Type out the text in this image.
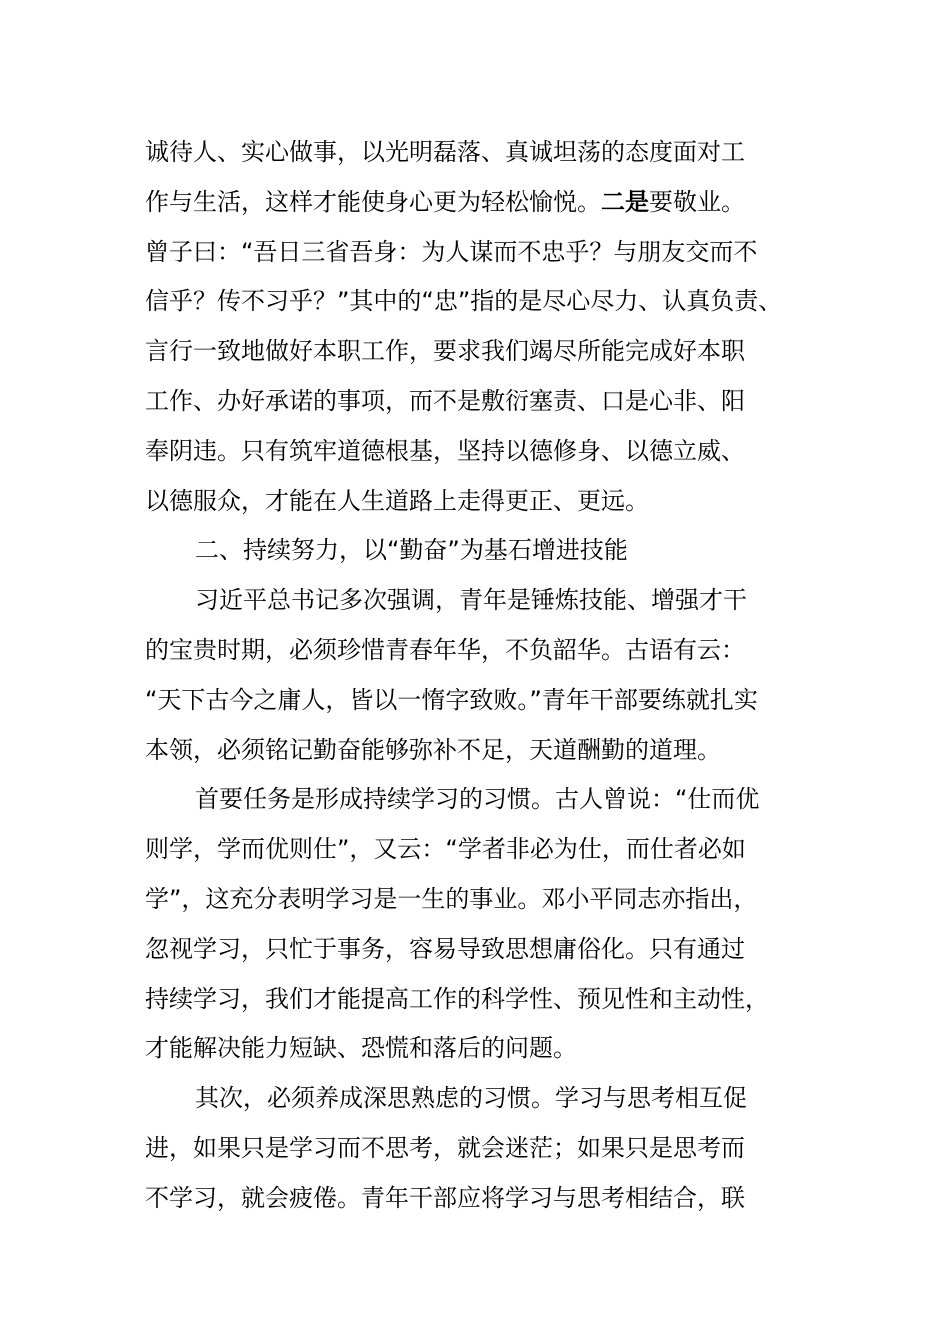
诚待人、实心做事，以光明磊落、真诚坦荡的态度面对工
作与生活，这样才能使身心更为轻松愉悦。二是要敬业。
曾子曰：“吾日三省吾身：为人谋而不忠乎？与朋友交而不
信乎？传不习乎？”其中的“忠”指的是尽心尽力、认真负责、
言行一致地做好本职工作，要求我们竭尽所能完成好本职
工作、办好承诺的事项，而不是敷衍塞责、口是心非、阳
奉阴违。只有筑牢道德根基，坚持以德修身、以德立威、
以德服众，才能在人生道路上走得更正、更远。
二、持续努力，以“勤奋”为基石增进技能
习近平总书记多次强调，青年是锤炼技能、增强才干
的宝贵时期，必须珍惜青春年华，不负韶华。古语有云：
“天下古今之庸人，皆以一惰字致败。”青年干部要练就扎实
本领，必须铭记勤奋能够弥补不足，天道酬勤的道理。
首要任务是形成持续学习的习惯。古人曾说：“仕而优
则学，学而优则仕”，又云：“学者非必为仕，而仕者必如
学”，这充分表明学习是一生的事业。邓小平同志亦指出，
忽视学习，只忙于事务，容易导致思想庸俗化。只有通过
持续学习，我们才能提高工作的科学性、预见性和主动性，
才能解决能力短缺、恐慌和落后的问题。
其次，必须养成深思熟虑的习惯。学习与思考相互促
进，如果只是学习而不思考，就会迷茫；如果只是思考而
不学习，就会疲倦。青年干部应将学习与思考相结合，联
